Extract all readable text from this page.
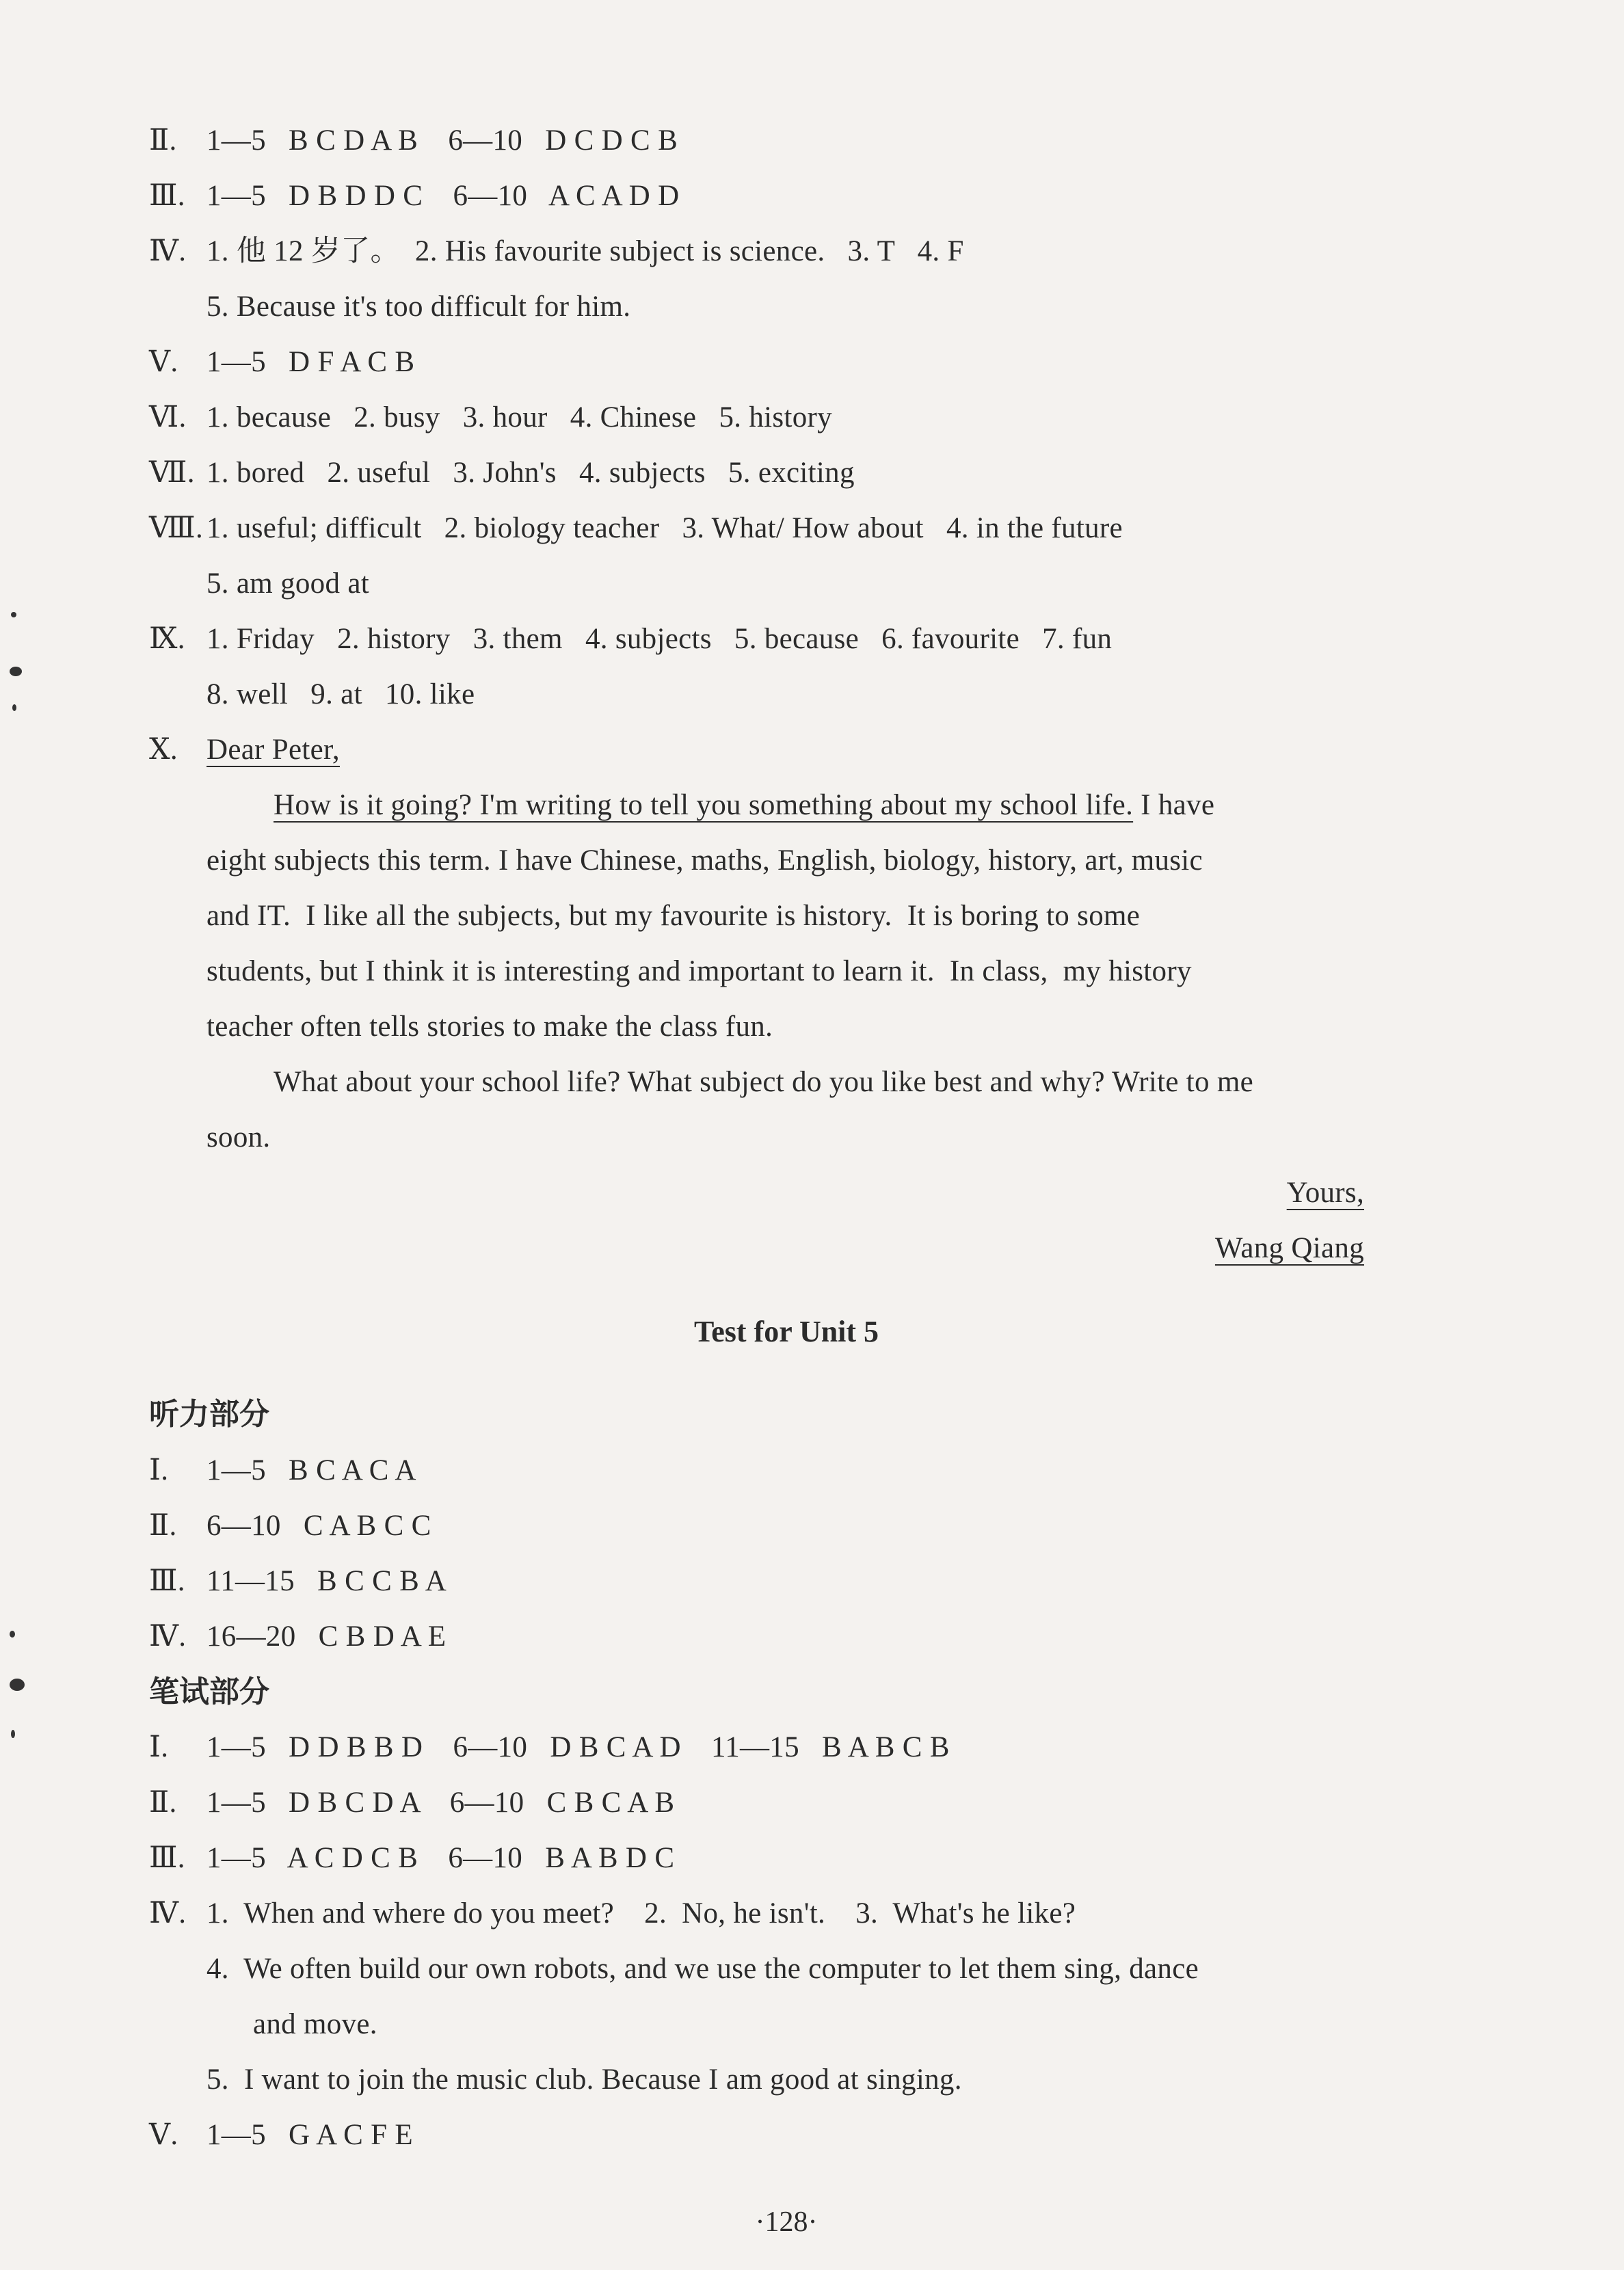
Ⅱ. 1—5   B C D A B    6—10   D C D C B
Ⅲ. 1—5   D B D D C    6—10   A C A D D
Ⅳ. 1. 他 12 岁了。  2. His favourite subject is science.   3. T   4. F
5. Because it's too difficult for him.
Ⅴ. 1—5   D F A C B
Ⅵ. 1. because   2. busy   3. hour   4. Chinese   5. history
Ⅶ. 1. bored   2. useful   3. John's   4. subjects   5. exciting
Ⅷ. 1. useful; difficult   2. biology teacher   3. What/ How about   4. in the future
5. am good at
Ⅸ. 1. Friday   2. history   3. them   4. subjects   5. because   6. favourite   7. fun
8. well   9. at   10. like
Ⅹ. Dear Peter,
How is it going? I'm writing to tell you something about my school life. I have
eight subjects this term. I have Chinese, maths, English, biology, history, art, music
and IT.  I like all the subjects, but my favourite is history.  It is boring to some
students, but I think it is interesting and important to learn it.  In class,  my history
teacher often tells stories to make the class fun.
What about your school life? What subject do you like best and why? Write to me
soon.
Yours,
Wang Qiang
Test for Unit 5
听力部分
Ⅰ. 1—5   B C A C A
Ⅱ. 6—10   C A B C C
Ⅲ. 11—15   B C C B A
Ⅳ. 16—20   C B D A E
笔试部分
Ⅰ. 1—5   D D B B D    6—10   D B C A D    11—15   B A B C B
Ⅱ. 1—5   D B C D A    6—10   C B C A B
Ⅲ. 1—5   A C D C B    6—10   B A B D C
Ⅳ. 1.  When and where do you meet?    2.  No, he isn't.    3.  What's he like?
4.  We often build our own robots, and we use the computer to let them sing, dance
and move.
5.  I want to join the music club. Because I am good at singing.
Ⅴ. 1—5   G A C F E
·128·
